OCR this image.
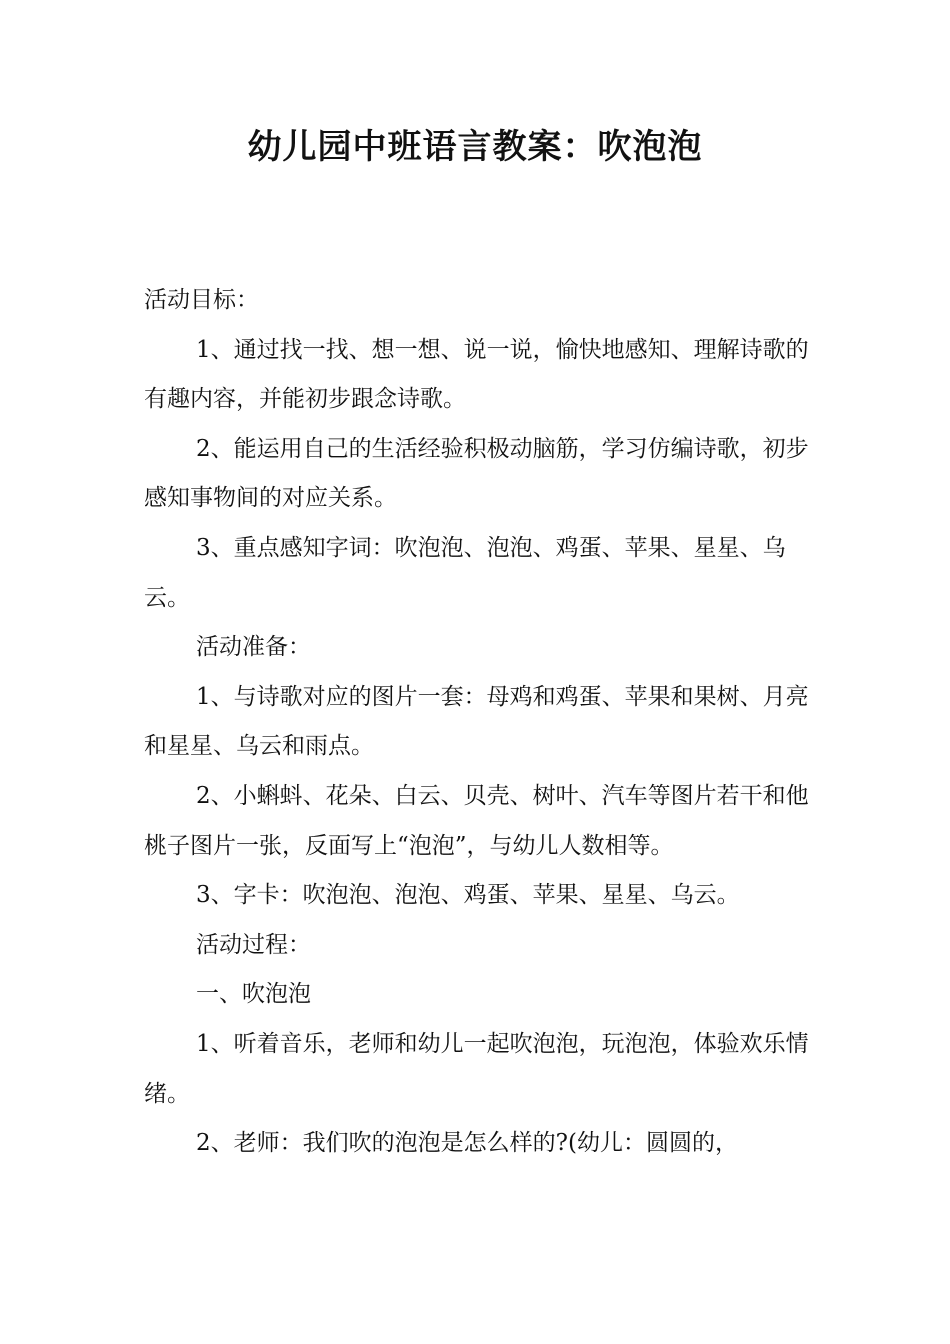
幼儿园中班语言教案：吹泡泡

活动目标：

1、通过找一找、想一想、说一说，愉快地感知、理解诗歌的有趣内容，并能初步跟念诗歌。

2、能运用自己的生活经验积极动脑筋，学习仿编诗歌，初步感知事物间的对应关系。

3、重点感知字词：吹泡泡、泡泡、鸡蛋、苹果、星星、乌云。

活动准备：

1、与诗歌对应的图片一套：母鸡和鸡蛋、苹果和果树、月亮和星星、乌云和雨点。

2、小蝌蚪、花朵、白云、贝壳、树叶、汽车等图片若干和他桃子图片一张，反面写上“泡泡”，与幼儿人数相等。

3、字卡：吹泡泡、泡泡、鸡蛋、苹果、星星、乌云。

活动过程：

一、吹泡泡

1、听着音乐，老师和幼儿一起吹泡泡，玩泡泡，体验欢乐情绪。

2、老师：我们吹的泡泡是怎么样的?(幼儿：圆圆的，
